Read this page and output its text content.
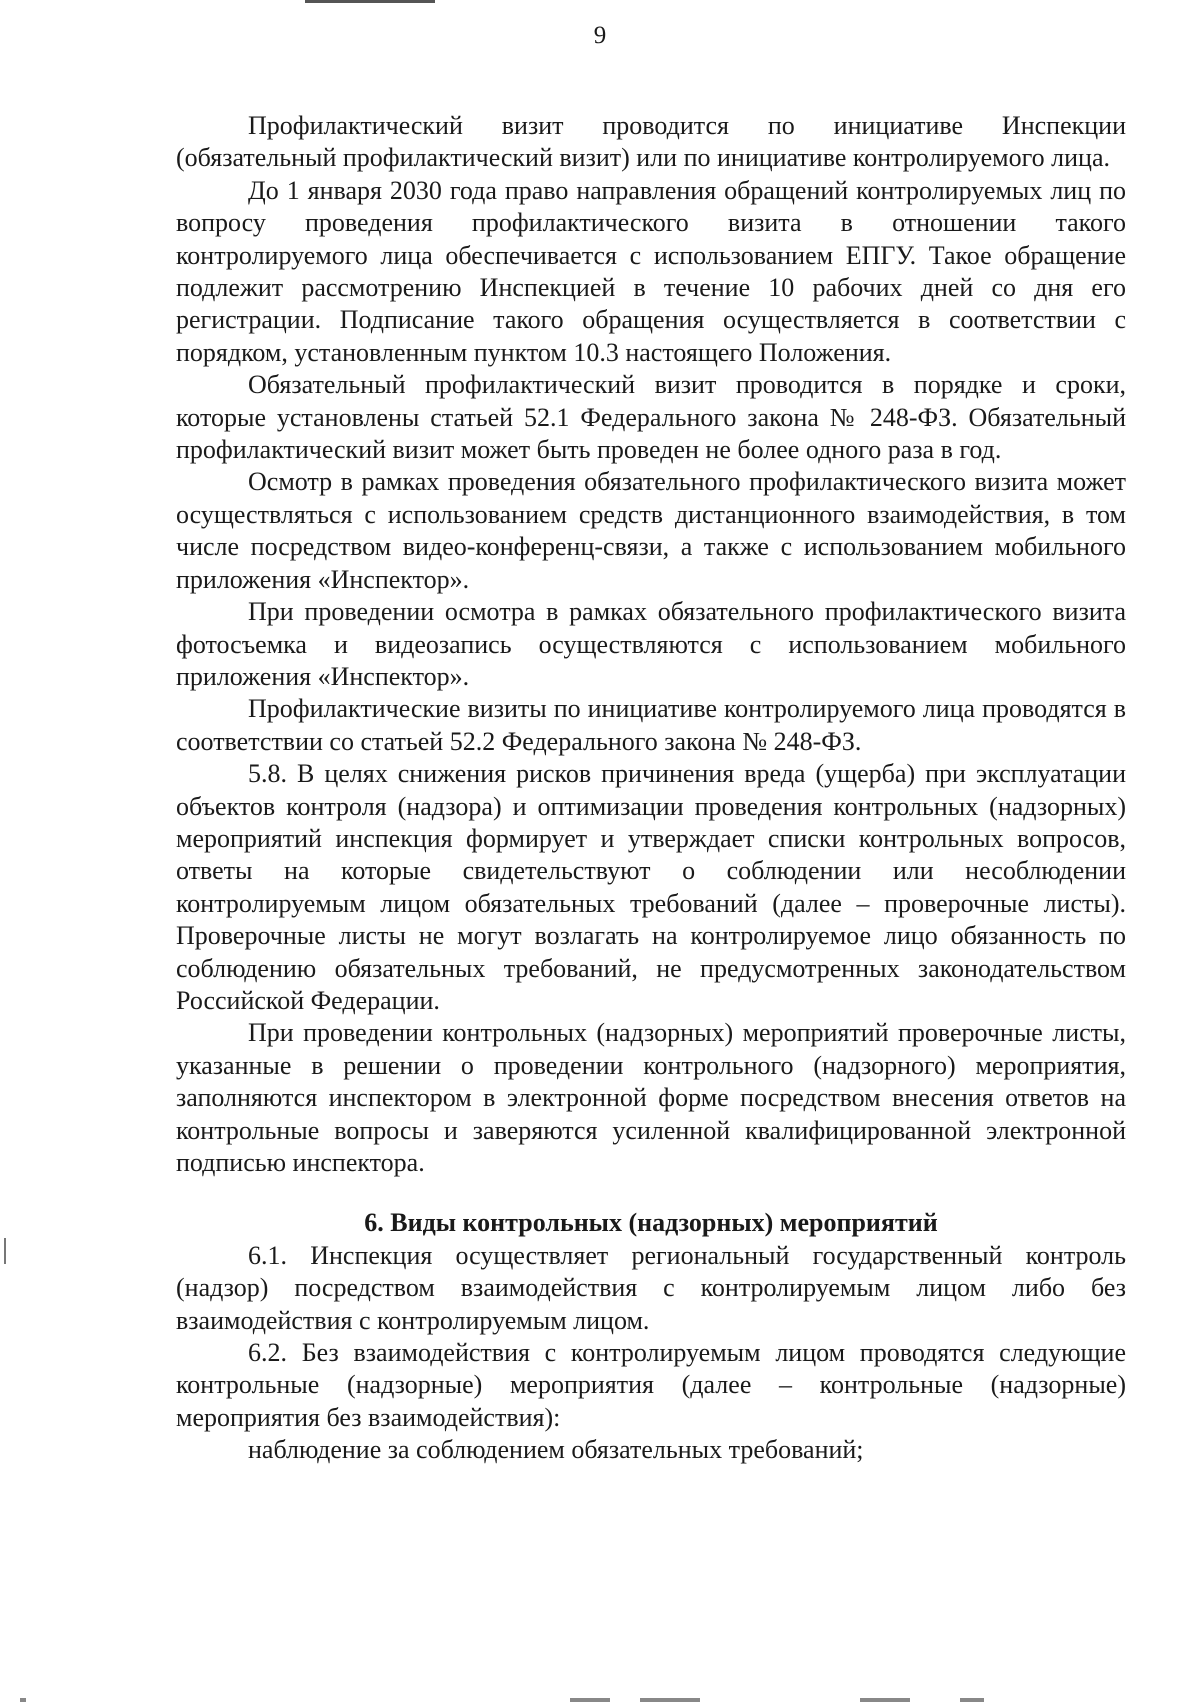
9

Профилактический визит проводится по инициативе Инспекции (обязательный профилактический визит) или по инициативе контролируемого лица.

До 1 января 2030 года право направления обращений контролируемых лиц по вопросу проведения профилактического визита в отношении такого контролируемого лица обеспечивается с использованием ЕПГУ. Такое обращение подлежит рассмотрению Инспекцией в течение 10 рабочих дней со дня его регистрации. Подписание такого обращения осуществляется в соответствии с порядком, установленным пунктом 10.3 настоящего Положения.

Обязательный профилактический визит проводится в порядке и сроки, которые установлены статьей 52.1 Федерального закона № 248-ФЗ. Обязательный профилактический визит может быть проведен не более одного раза в год.

Осмотр в рамках проведения обязательного профилактического визита может осуществляться с использованием средств дистанционного взаимодействия, в том числе посредством видео-конференц-связи, а также с использованием мобильного приложения «Инспектор».

При проведении осмотра в рамках обязательного профилактического визита фотосъемка и видеозапись осуществляются с использованием мобильного приложения «Инспектор».

Профилактические визиты по инициативе контролируемого лица проводятся в соответствии со статьей 52.2 Федерального закона № 248-ФЗ.

5.8. В целях снижения рисков причинения вреда (ущерба) при эксплуатации объектов контроля (надзора) и оптимизации проведения контрольных (надзорных) мероприятий инспекция формирует и утверждает списки контрольных вопросов, ответы на которые свидетельствуют о соблюдении или несоблюдении контролируемым лицом обязательных требований (далее – проверочные листы). Проверочные листы не могут возлагать на контролируемое лицо обязанность по соблюдению обязательных требований, не предусмотренных законодательством Российской Федерации.

При проведении контрольных (надзорных) мероприятий проверочные листы, указанные в решении о проведении контрольного (надзорного) мероприятия, заполняются инспектором в электронной форме посредством внесения ответов на контрольные вопросы и заверяются усиленной квалифицированной электронной подписью инспектора.

6. Виды контрольных (надзорных) мероприятий

6.1. Инспекция осуществляет региональный государственный контроль (надзор) посредством взаимодействия с контролируемым лицом либо без взаимодействия с контролируемым лицом.

6.2. Без взаимодействия с контролируемым лицом проводятся следующие контрольные (надзорные) мероприятия (далее – контрольные (надзорные) мероприятия без взаимодействия):

наблюдение за соблюдением обязательных требований;
